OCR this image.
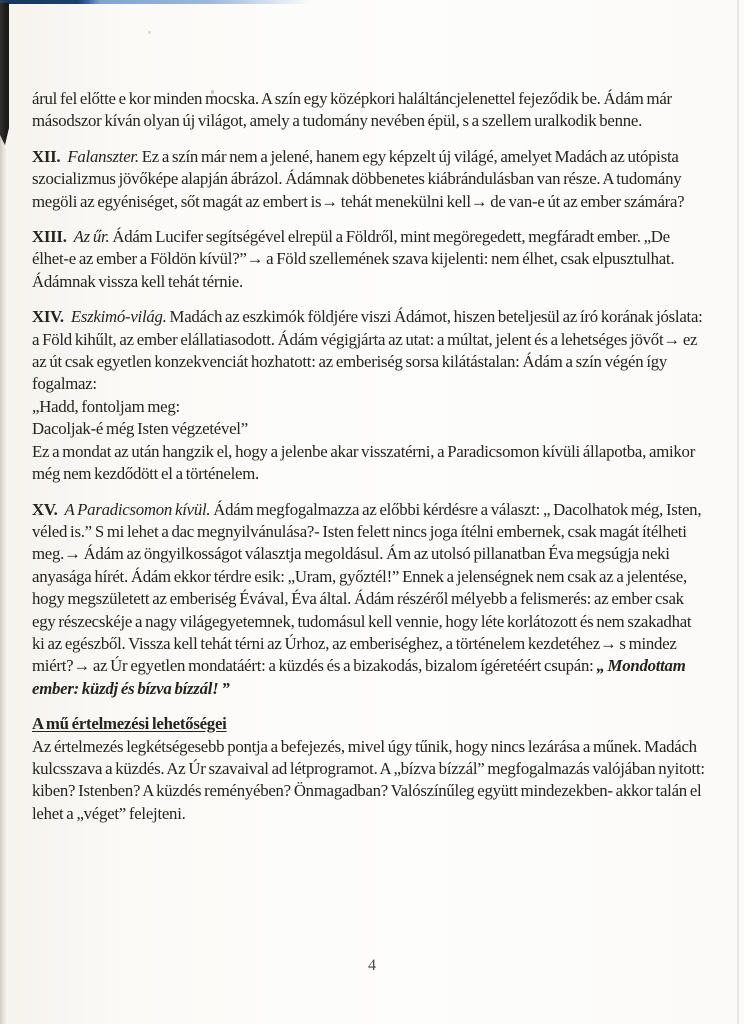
árul fel előtte e kor minden mocska. A szín egy középkori haláltáncjelenettel fejeződik be. Ádám már másodszor kíván olyan új világot, amely a tudomány nevében épül, s a szellem uralkodik benne.

XII. Falanszter. Ez a szín már nem a jelené, hanem egy képzelt új világé, amelyet Madách az utópista szocializmus jövőképe alapján ábrázol. Ádámnak döbbenetes kiábrándulásban van része. A tudomány megöli az egyéniséget, sőt magát az embert is→ tehát menekülni kell→ de van-e út az ember számára?

XIII. Az űr. Ádám Lucifer segítségével elrepül a Földről, mint megöregedett, megfáradt ember. „De élhet-e az ember a Földön kívül?”→ a Föld szellemének szava kijelenti: nem élhet, csak elpusztulhat. Ádámnak vissza kell tehát térnie.

XIV. Eszkimó-világ. Madách az eszkimók földjére viszi Ádámot, hiszen beteljesül az író korának jóslata: a Föld kihűlt, az ember elállatiasodott. Ádám végigjárta az utat: a múltat, jelent és a lehetséges jövőt→ ez az út csak egyetlen konzekvenciát hozhatott: az emberiség sorsa kilátástalan: Ádám a szín végén így fogalmaz:
„Hadd, fontoljam meg:
Dacoljak-é még Isten végzetével”
Ez a mondat az után hangzik el, hogy a jelenbe akar visszatérni, a Paradicsomon kívüli állapotba, amikor még nem kezdődött el a történelem.

XV. A Paradicsomon kívül. Ádám megfogalmazza az előbbi kérdésre a választ: „ Dacolhatok még, Isten, véled is.” S mi lehet a dac megnyilvánulása?- Isten felett nincs joga ítélni embernek, csak magát ítélheti meg.→ Ádám az öngyilkosságot választja megoldásul. Ám az utolsó pillanatban Éva megsúgja neki anyasága hírét. Ádám ekkor térdre esik: „Uram, győztél!” Ennek a jelenségnek nem csak az a jelentése, hogy megszületett az emberiség Évával, Éva által. Ádám részéről mélyebb a felismerés: az ember csak egy részecskéje a nagy világegyetemnek, tudomásul kell vennie, hogy léte korlátozott és nem szakadhat ki az egészből. Vissza kell tehát térni az Úrhoz, az emberiséghez, a történelem kezdetéhez→ s mindez miért?→ az Úr egyetlen mondatáért: a küzdés és a bizakodás, bizalom ígéretéért csupán: „ Mondottam ember: küzdj és bízva bízzál! ”

A mű értelmezési lehetőségei

Az értelmezés legkétségesebb pontja a befejezés, mivel úgy tűnik, hogy nincs lezárása a műnek. Madách kulcsszava a küzdés. Az Úr szavaival ad létprogramot. A „bízva bízzál” megfogalmazás valójában nyitott: kiben? Istenben? A küzdés reményében? Önmagadban? Valószínűleg együtt mindezekben- akkor talán el lehet a „véget” felejteni.

4
